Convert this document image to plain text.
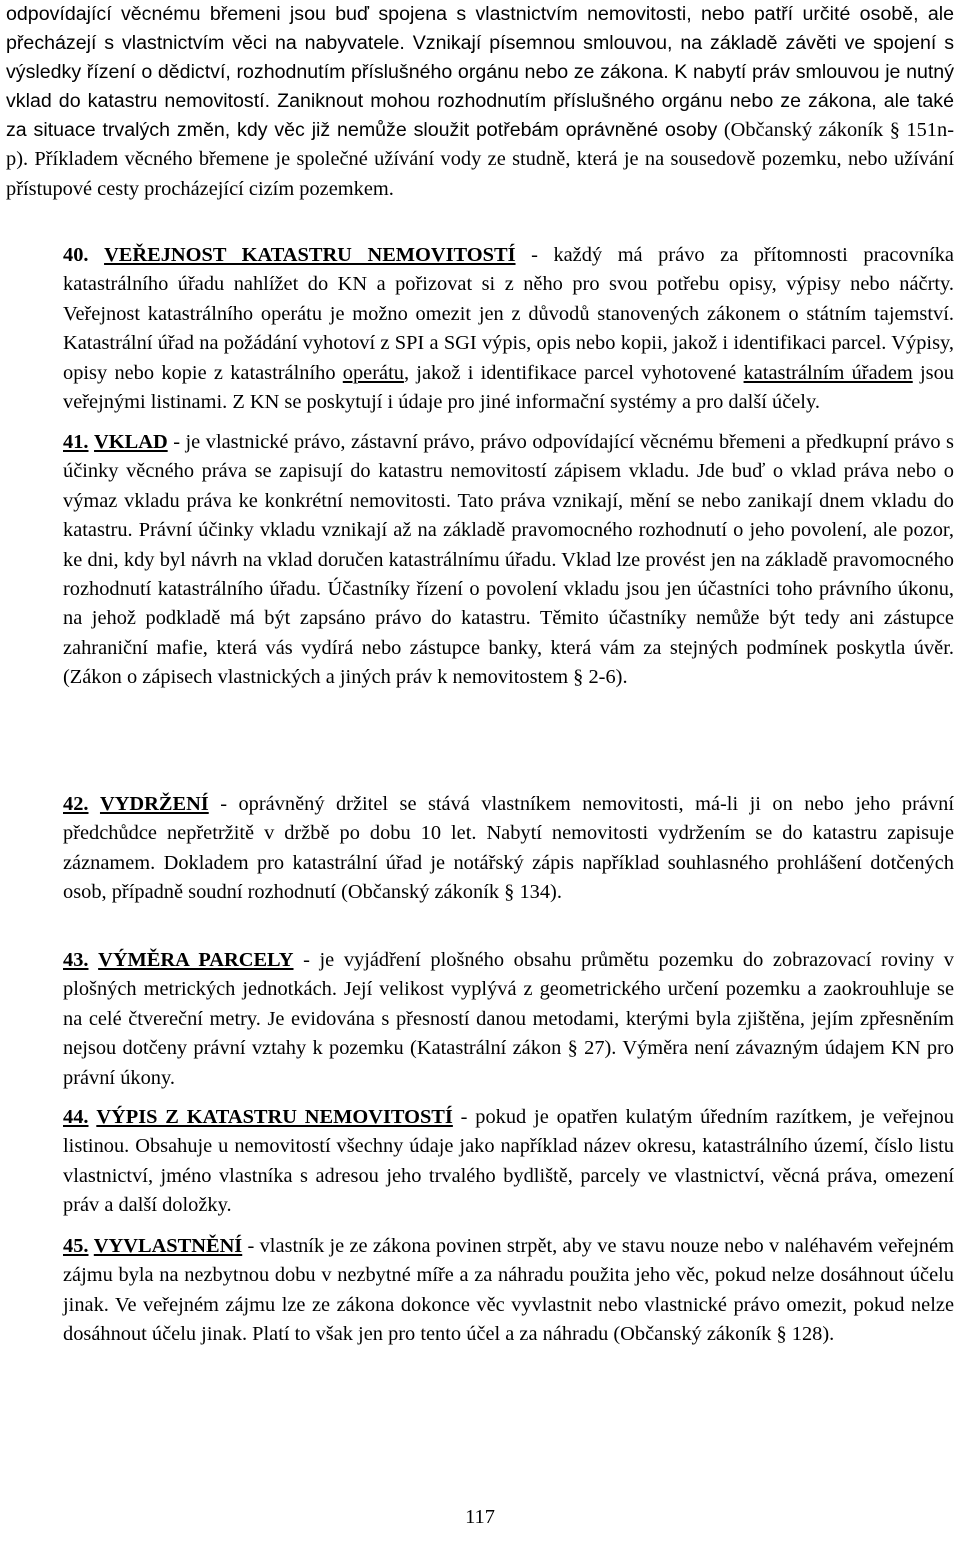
odpovídající věcnému břemeni jsou buď spojena s vlastnictvím nemovitosti, nebo patří určité osobě, ale přecházejí s vlastnictvím věci na nabyvatele. Vznikají písemnou smlouvou, na základě závěti ve spojení s výsledky řízení o dědictví, rozhodnutím příslušného orgánu nebo ze zákona. K nabytí práv smlouvou je nutný vklad do katastru nemovitostí. Zaniknout mohou rozhodnutím příslušného orgánu nebo ze zákona, ale také za situace trvalých změn, kdy věc již nemůže sloužit potřebám oprávněné osoby (Občanský zákoník § 151n-p). Příkladem věcného břemene je společné užívání vody ze studně, která je na sousedově pozemku, nebo užívání přístupové cesty procházející cizím pozemkem.

40. VEŘEJNOST KATASTRU NEMOVITOSTÍ - každý má právo za přítomnosti pracovníka katastrálního úřadu nahlížet do KN a pořizovat si z něho pro svou potřebu opisy, výpisy nebo náčrty. Veřejnost katastrálního operátu je možno omezit jen z důvodů stanovených zákonem o státním tajemství. Katastrální úřad na požádání vyhotoví z SPI a SGI výpis, opis nebo kopii, jakož i identifikaci parcel. Výpisy, opisy nebo kopie z katastrálního operátu, jakož i identifikace parcel vyhotovené katastrálním úřadem jsou veřejnými listinami. Z KN se poskytují i údaje pro jiné informační systémy a pro další účely.

41. VKLAD - je vlastnické právo, zástavní právo, právo odpovídající věcnému břemeni a předkupní právo s účinky věcného práva se zapisují do katastru nemovitostí zápisem vkladu. Jde buď o vklad práva nebo o výmaz vkladu práva ke konkrétní nemovitosti. Tato práva vznikají, mění se nebo zanikají dnem vkladu do katastru. Právní účinky vkladu vznikají až na základě pravomocného rozhodnutí o jeho povolení, ale pozor, ke dni, kdy byl návrh na vklad doručen katastrálnímu úřadu. Vklad lze provést jen na základě pravomocného rozhodnutí katastrálního úřadu. Účastníky řízení o povolení vkladu jsou jen účastníci toho právního úkonu, na jehož podkladě má být zapsáno právo do katastru. Těmito účastníky nemůže být tedy ani zástupce zahraniční mafie, která vás vydírá nebo zástupce banky, která vám za stejných podmínek poskytla úvěr. (Zákon o zápisech vlastnických a jiných práv k nemovitostem § 2-6).

42. VYDRŽENÍ - oprávněný držitel se stává vlastníkem nemovitosti, má-li ji on nebo jeho právní předchůdce nepřetržitě v držbě po dobu 10 let. Nabytí nemovitosti vydržením se do katastru zapisuje záznamem. Dokladem pro katastrální úřad je notářský zápis například souhlasného prohlášení dotčených osob, případně soudní rozhodnutí (Občanský zákoník § 134).

43. VÝMĚRA PARCELY - je vyjádření plošného obsahu průmětu pozemku do zobrazovací roviny v plošných metrických jednotkách. Její velikost vyplývá z geometrického určení pozemku a zaokrouhluje se na celé čtvereční metry. Je evidována s přesností danou metodami, kterými byla zjištěna, jejím zpřesněním nejsou dotčeny právní vztahy k pozemku (Katastrální zákon § 27). Výměra není závazným údajem KN pro právní úkony.

44. VÝPIS Z KATASTRU NEMOVITOSTÍ - pokud je opatřen kulatým úředním razítkem, je veřejnou listinou. Obsahuje u nemovitostí všechny údaje jako například název okresu, katastrálního území, číslo listu vlastnictví, jméno vlastníka s adresou jeho trvalého bydliště, parcely ve vlastnictví, věcná práva, omezení práv a další doložky.

45. VYVLASTNĚNÍ - vlastník je ze zákona povinen strpět, aby ve stavu nouze nebo v naléhavém veřejném zájmu byla na nezbytnou dobu v nezbytné míře a za náhradu použita jeho věc, pokud nelze dosáhnout účelu jinak. Ve veřejném zájmu lze ze zákona dokonce věc vyvlastnit nebo vlastnické právo omezit, pokud nelze dosáhnout účelu jinak. Platí to však jen pro tento účel a za náhradu (Občanský zákoník § 128).

117
